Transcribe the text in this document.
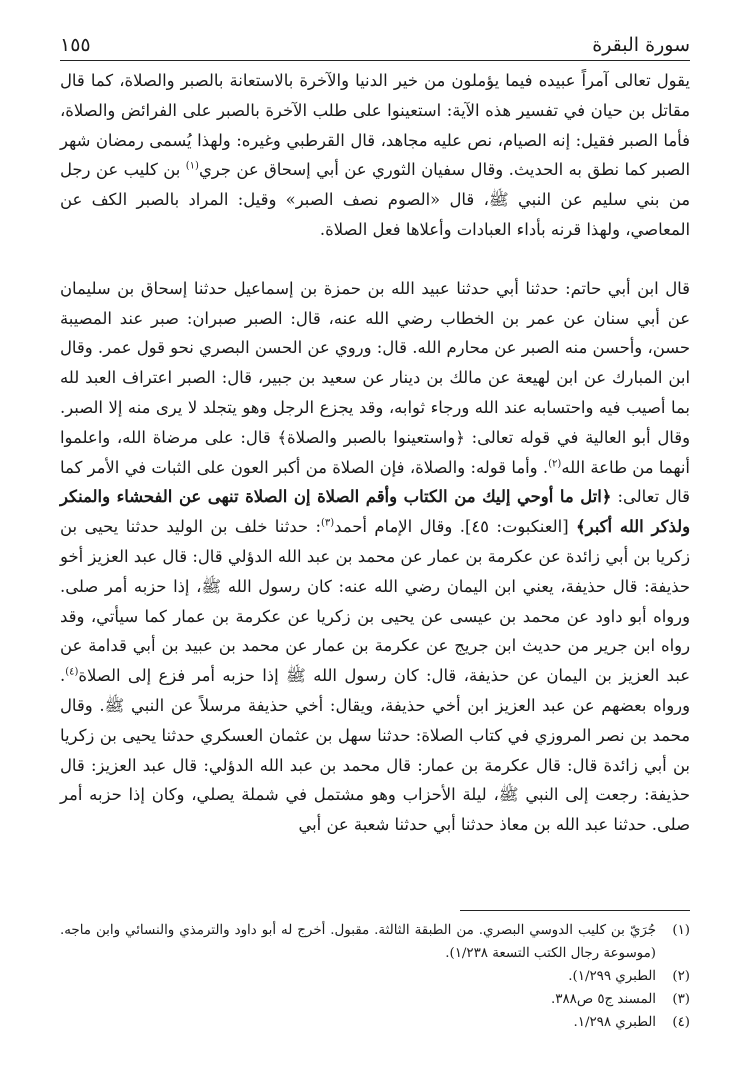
سورة البقرة
١٥٥

يقول تعالى آمراً عبيده فيما يؤملون من خير الدنيا والآخرة بالاستعانة بالصبر والصلاة، كما قال مقاتل بن حيان في تفسير هذه الآية: استعينوا على طلب الآخرة بالصبر على الفرائض والصلاة، فأما الصبر فقيل: إنه الصيام، نص عليه مجاهد، قال القرطبي وغيره: ولهذا يُسمى رمضان شهر الصبر كما نطق به الحديث. وقال سفيان الثوري عن أبي إسحاق عن جري$^{(١)}$ بن كليب عن رجل من بني سليم عن النبي ﷺ، قال «الصوم نصف الصبر» وقيل: المراد بالصبر الكف عن المعاصي، ولهذا قرنه بأداء العبادات وأعلاها فعل الصلاة.

قال ابن أبي حاتم: حدثنا أبي حدثنا عبيد الله بن حمزة بن إسماعيل حدثنا إسحاق بن سليمان عن أبي سنان عن عمر بن الخطاب رضي الله عنه، قال: الصبر صبران: صبر عند المصيبة حسن، وأحسن منه الصبر عن محارم الله. قال: وروي عن الحسن البصري نحو قول عمر. وقال ابن المبارك عن ابن لهيعة عن مالك بن دينار عن سعيد بن جبير، قال: الصبر اعتراف العبد لله بما أصيب فيه واحتسابه عند الله ورجاء ثوابه، وقد يجزع الرجل وهو يتجلد لا يرى منه إلا الصبر. وقال أبو العالية في قوله تعالى: ﴿واستعينوا بالصبر والصلاة﴾ قال: على مرضاة الله، واعلموا أنهما من طاعة الله$^{(٢)}$. وأما قوله: والصلاة، فإن الصلاة من أكبر العون على الثبات في الأمر كما قال تعالى: ﴿اتل ما أوحي إليك من الكتاب وأقم الصلاة إن الصلاة تنهى عن الفحشاء والمنكر ولذكر الله أكبر﴾ [العنكبوت: ٤٥]. وقال الإمام أحمد$^{(٣)}$: حدثنا خلف بن الوليد حدثنا يحيى بن زكريا بن أبي زائدة عن عكرمة بن عمار عن محمد بن عبد الله الدؤلي قال: قال عبد العزيز أخو حذيفة: قال حذيفة، يعني ابن اليمان رضي الله عنه: كان رسول الله ﷺ، إذا حزبه أمر صلى. ورواه أبو داود عن محمد بن عيسى عن يحيى بن زكريا عن عكرمة بن عمار كما سيأتي، وقد رواه ابن جرير من حديث ابن جريج عن عكرمة بن عمار عن محمد بن عبيد بن أبي قدامة عن عبد العزيز بن اليمان عن حذيفة، قال: كان رسول الله ﷺ إذا حزبه أمر فزع إلى الصلاة$^{(٤)}$. ورواه بعضهم عن عبد العزيز ابن أخي حذيفة، ويقال: أخي حذيفة مرسلاً عن النبي ﷺ. وقال محمد بن نصر المروزي في كتاب الصلاة: حدثنا سهل بن عثمان العسكري حدثنا يحيى بن زكريا بن أبي زائدة قال: قال عكرمة بن عمار: قال محمد بن عبد الله الدؤلي: قال عبد العزيز: قال حذيفة: رجعت إلى النبي ﷺ، ليلة الأحزاب وهو مشتمل في شملة يصلي، وكان إذا حزبه أمر صلى. حدثنا عبد الله بن معاذ حدثنا أبي حدثنا شعبة عن أبي

(١)
جُرَيّ بن كليب الدوسي البصري. من الطبقة الثالثة. مقبول. أخرج له أبو داود والترمذي والنسائي وابن ماجه. (موسوعة رجال الكتب التسعة ١/٢٣٨).
(٢)
الطبري ١/٢٩٩).
(٣)
المسند ج٥ ص٣٨٨.
(٤)
الطبري ١/٢٩٨.
